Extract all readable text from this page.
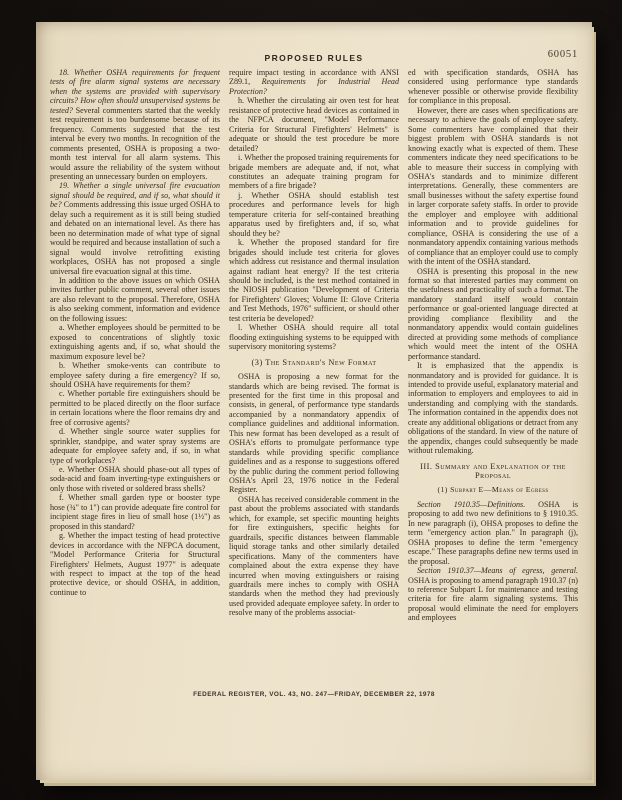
PROPOSED RULES	60051

18. Whether OSHA requirements for frequent tests of fire alarm signal systems are necessary when the systems are provided with supervisory circuits? How often should unsupervised systems be tested? Several commenters started that the weekly test requirement is too burdensome because of its frequency. Comments suggested that the test interval be every two months. In recognition of the comments presented, OSHA is proposing a two-month test interval for all alarm systems. This would assure the reliability of the system without presenting an unnecessary burden on employers.

19. Whether a single universal fire evacuation signal should be required, and if so, what should it be? Comments addressing this issue urged OSHA to delay such a requirement as it is still being studied and debated on an international level. As there has been no determination made of what type of signal would be required and because installation of such a signal would involve retrofitting existing workplaces, OSHA has not proposed a single universal fire evacuation signal at this time.

In addition to the above issues on which OSHA invites further public comment, several other issues are also relevant to the proposal. Therefore, OSHA is also seeking comment, information and evidence on the following issues:

a. Whether employees should be permitted to be exposed to concentrations of slightly toxic extinguishing agents and, if so, what should the maximum exposure level be?

b. Whether smoke-vents can contribute to employee safety during a fire emergency? If so, should OSHA have requirements for them?

c. Whether portable fire extinguishers should be permitted to be placed directly on the floor surface in certain locations where the floor remains dry and free of corrosive agents?

d. Whether single source water supplies for sprinkler, standpipe, and water spray systems are adequate for employee safety and, if so, in what type of workplaces?

e. Whether OSHA should phase-out all types of soda-acid and foam inverting-type extinguishers or only those with riveted or soldered brass shells?

f. Whether small garden type or booster type hose (¾" to 1") can provide adequate fire control for incipient stage fires in lieu of small hose (1½") as proposed in this standard?

g. Whether the impact testing of head protective devices in accordance with the NFPCA document, "Model Performance Criteria for Structural Firefighters' Helmets, August 1977" is adequate with respect to impact at the top of the head protective device, or should OSHA, in addition, continue to

require impact testing in accordance with ANSI Z89.1, Requirements for Industrial Head Protection?

h. Whether the circulating air oven test for heat resistance of protective head devices as contained in the NFPCA document, "Model Performance Criteria for Structural Firefighters' Helmets" is adequate or should the test procedure be more detailed?

i. Whether the proposed training requirements for brigade members are adequate and, if not, what constitutes an adequate training program for members of a fire brigade?

j. Whether OSHA should establish test procedures and performance levels for high temperature criteria for self-contained breathing apparatus used by firefighters and, if so, what should they be?

k. Whether the proposed standard for fire brigades should include test criteria for gloves which address cut resistance and thermal insulation against radiant heat energy? If the test criteria should be included, is the test method contained in the NIOSH publication "Development of Criteria for Firefighters' Gloves; Volume II: Glove Criteria and Test Methods, 1976" sufficient, or should other test criteria be developed?

l. Whether OSHA should require all total flooding extinguishing systems to be equipped with supervisory monitoring systems?

(3) The Standard's New Format

OSHA is proposing a new format for the standards which are being revised. The format is presented for the first time in this proposal and consists, in general, of performance type standards accompanied by a nonmandatory appendix of compliance guidelines and additional information. This new format has been developed as a result of OSHA's efforts to promulgate performance type standards while providing specific compliance guidelines and as a response to suggestions offered by the public during the comment period following OSHA's April 23, 1976 notice in the Federal Register.

OSHA has received considerable comment in the past about the problems associated with standards which, for example, set specific mounting heights for fire extinguishers, specific heights for guardrails, specific distances between flammable liquid storage tanks and other similarly detailed specifications. Many of the commenters have complained about the extra expense they have incurred when moving extinguishers or raising guardrails mere inches to comply with OSHA standards when the method they had previously used provided adequate employee safety. In order to resolve many of the problems associat-

ed with specification standards, OSHA has considered using performance type standards whenever possible or otherwise provide flexibility for compliance in this proposal.

However, there are cases when specifications are necessary to achieve the goals of employee safety. Some commenters have complained that their biggest problem with OSHA standards is not knowing exactly what is expected of them. These commenters indicate they need specifications to be able to measure their success in complying with OSHA's standards and to minimize different interpretations. Generally, these commenters are small businesses without the safety expertise found in larger corporate safety staffs. In order to provide the employer and employee with additional information and to provide guidelines for compliance, OSHA is considering the use of a nonmandatory appendix containing various methods of compliance that an employer could use to comply with the intent of the OSHA standard.

OSHA is presenting this proposal in the new format so that interested parties may comment on the usefulness and practicality of such a format. The mandatory standard itself would contain performance or goal-oriented language directed at providing compliance flexibility and the nonmandatory appendix would contain guidelines directed at providing some methods of compliance which would meet the intent of the OSHA performance standard.

It is emphasized that the appendix is nonmandatory and is provided for guidance. It is intended to provide useful, explanatory material and information to employers and employees to aid in understanding and complying with the standards. The information contained in the appendix does not create any additional obligations or detract from any obligations of the standard. In view of the nature of the appendix, changes could subsequently be made without rulemaking.

III. Summary and Explanation of the Proposal

(1) Subpart E—Means of Egress

Section 1910.35—Definitions. OSHA is proposing to add two new definitions to § 1910.35. In new paragraph (i), OHSA proposes to define the term "emergency action plan." In paragraph (j), OSHA proposes to define the term "emergency escape." These paragraphs define new terms used in the proposal.

Section 1910.37—Means of egress, general. OSHA is proposing to amend paragraph 1910.37 (n) to reference Subpart L for maintenance and testing criteria for fire alarm signaling systems. This proposal would eliminate the need for employers and employees

FEDERAL REGISTER, VOL. 43, NO. 247—FRIDAY, DECEMBER 22, 1978
